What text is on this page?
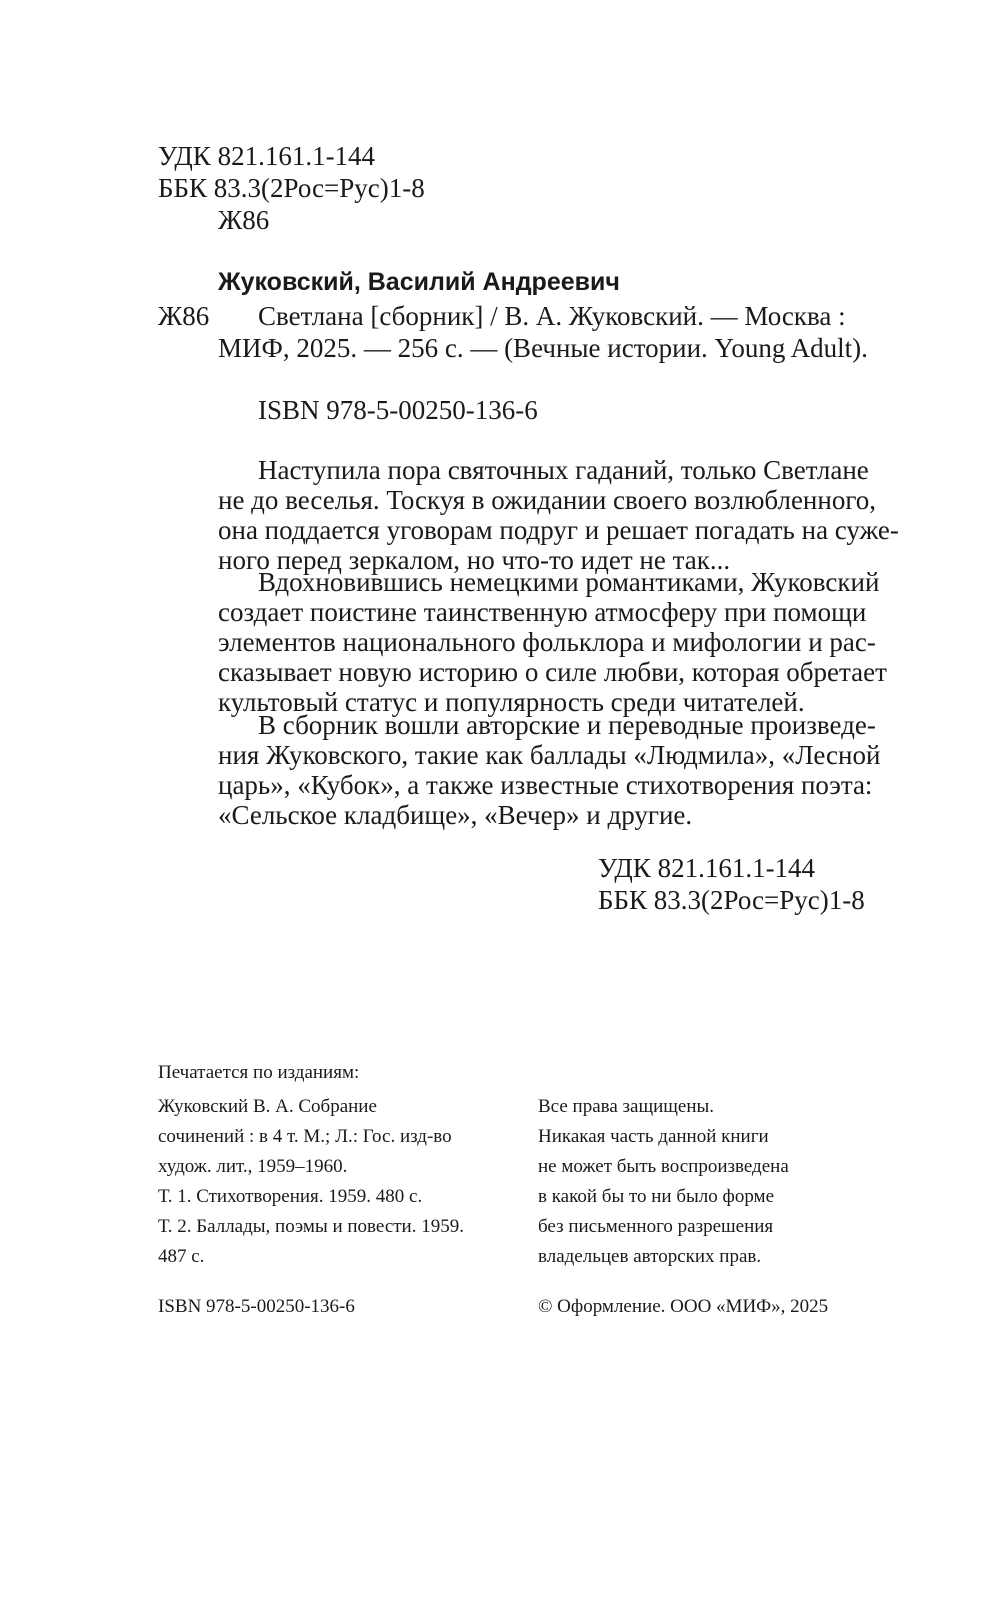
УДК 821.161.1-144
ББК 83.3(2Рос=Рус)1-8
Ж86
Жуковский, Василий Андреевич
Ж86 Светлана [сборник] / В. А. Жуковский. — Москва :
МИФ, 2025. — 256 с. — (Вечные истории. Young Adult).
ISBN 978-5-00250-136-6
Наступила пора святочных гаданий, только Светлане
не до веселья. Тоскуя в ожидании своего возлюбленного,
она поддается уговорам подруг и решает погадать на суже-
ного перед зеркалом, но что-то идет не так...
Вдохновившись немецкими романтиками, Жуковский
создает поистине таинственную атмосферу при помощи
элементов национального фольклора и мифологии и рас-
сказывает новую историю о силе любви, которая обретает
культовый статус и популярность среди читателей.
В сборник вошли авторские и переводные произведе-
ния Жуковского, такие как баллады «Людмила», «Лесной
царь», «Кубок», а также известные стихотворения поэта:
«Сельское кладбище», «Вечер» и другие.
УДК 821.161.1-144
ББК 83.3(2Рос=Рус)1-8
Печатается по изданиям:
Жуковский В. А. Собрание
сочинений : в 4 т. М.; Л.: Гос. изд-во
худож. лит., 1959–1960.
Т. 1. Стихотворения. 1959. 480 с.
Т. 2. Баллады, поэмы и повести. 1959.
487 с.
Все права защищены.
Никакая часть данной книги
не может быть воспроизведена
в какой бы то ни было форме
без письменного разрешения
владельцев авторских прав.
ISBN 978-5-00250-136-6	© Оформление. ООО «МИФ», 2025
